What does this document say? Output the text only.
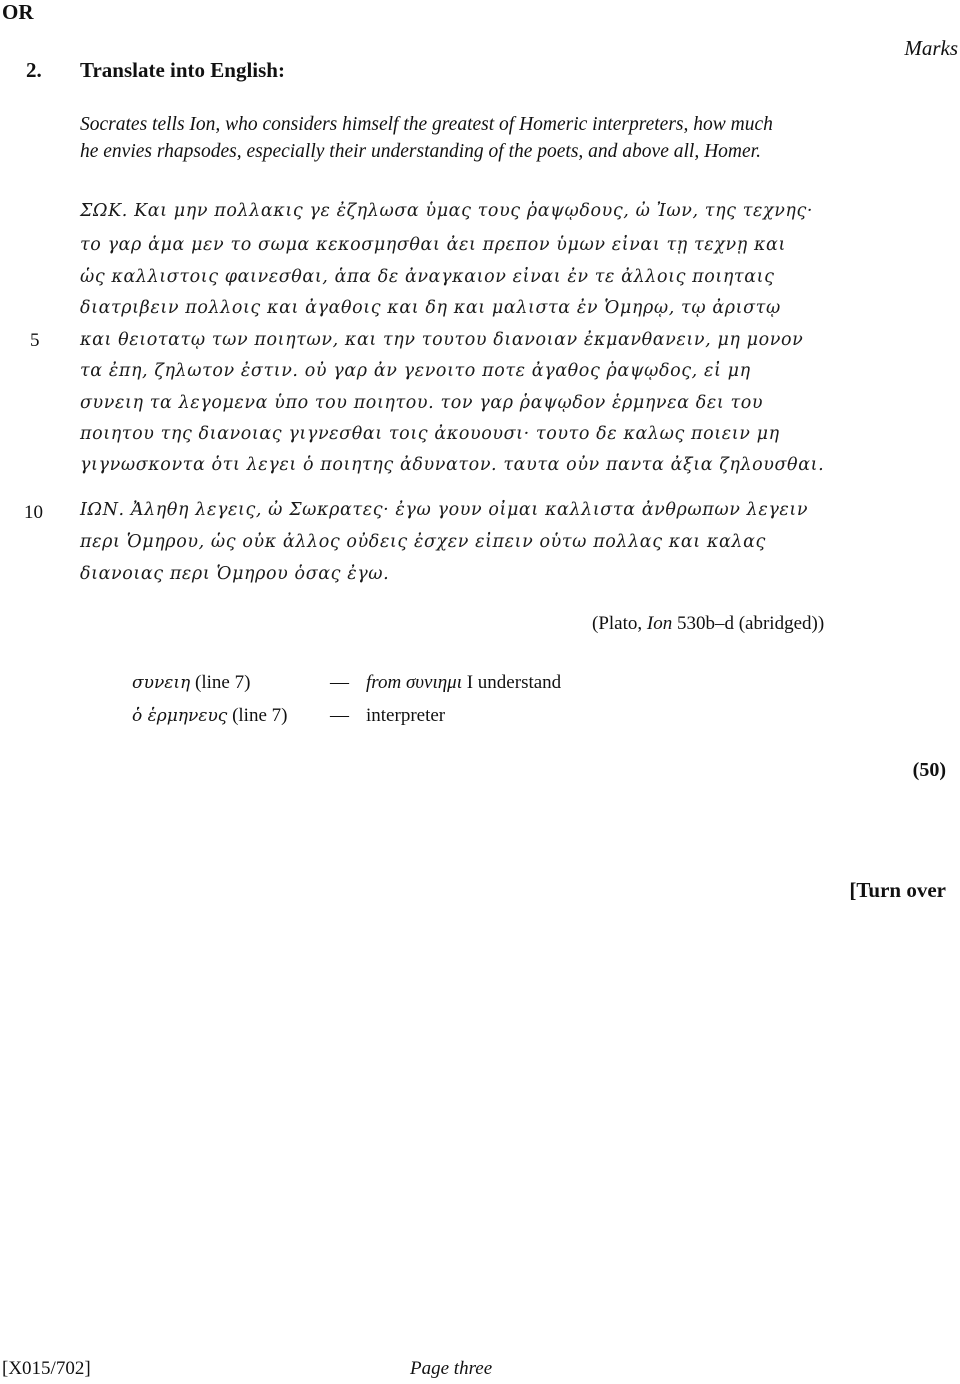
OR
Marks
2. Translate into English:
Socrates tells Ion, who considers himself the greatest of Homeric interpreters, how much
he envies rhapsodes, especially their understanding of the poets, and above all, Homer.
ΣΩΚ. Και μην πολλακις γε ἐζηλωσα ὑμας τους ῥαψῳδους, ὠ Ἰων, της τεχνης·
το γαρ ἁμα μεν το σωμα κεκοσμησθαι ἀει πρεπον ὑμων εἰναι τῃ τεχνῃ και
ὡς καλλιστοις φαινεσθαι, ἁπα δε ἀναγκαιον εἰναι ἐν τε ἀλλοις ποιηταις
διατριβειν πολλοις και ἀγαθοις και δη και μαλιστα ἐν Ὁμηρῳ, τῳ ἀριστῳ
και θειοτατῳ των ποιητων, και την τουτου διανοιαν ἐκμανθανειν, μη μονον
τα ἐπη, ζηλωτον ἐστιν. οὐ γαρ ἀν γενοιτο ποτε ἀγαθος ῥαψῳδος, εἰ μη
συνειη τα λεγομενα ὑπο του ποιητου. τον γαρ ῥαψῳδον ἑρμηνεα δει του
ποιητου της διανοιας γιγνεσθαι τοις ἀκουουσι· τουτο δε καλως ποιειν μη
γιγνωσκοντα ὁτι λεγει ὁ ποιητης ἀδυνατον. ταυτα οὐν παντα ἀξια ζηλουσθαι.
ΙΩΝ. Ἀληθη λεγεις, ὠ Σωκρατες· ἐγω γουν οἰμαι καλλιστα ἀνθρωπων λεγειν
περι Ὁμηρου, ὡς οὐκ ἀλλος οὐδεις ἐσχεν εἰπειν οὑτω πολλας και καλας
διανοιας περι Ὁμηρου ὁσας ἐγω.
5
10
(Plato, Ion 530b–d (abridged))
συνειη (line 7)	— from συνιημι I understand
ὁ ἑρμηνευς (line 7) — interpreter
(50)
[Turn over
[X015/702]	Page three
